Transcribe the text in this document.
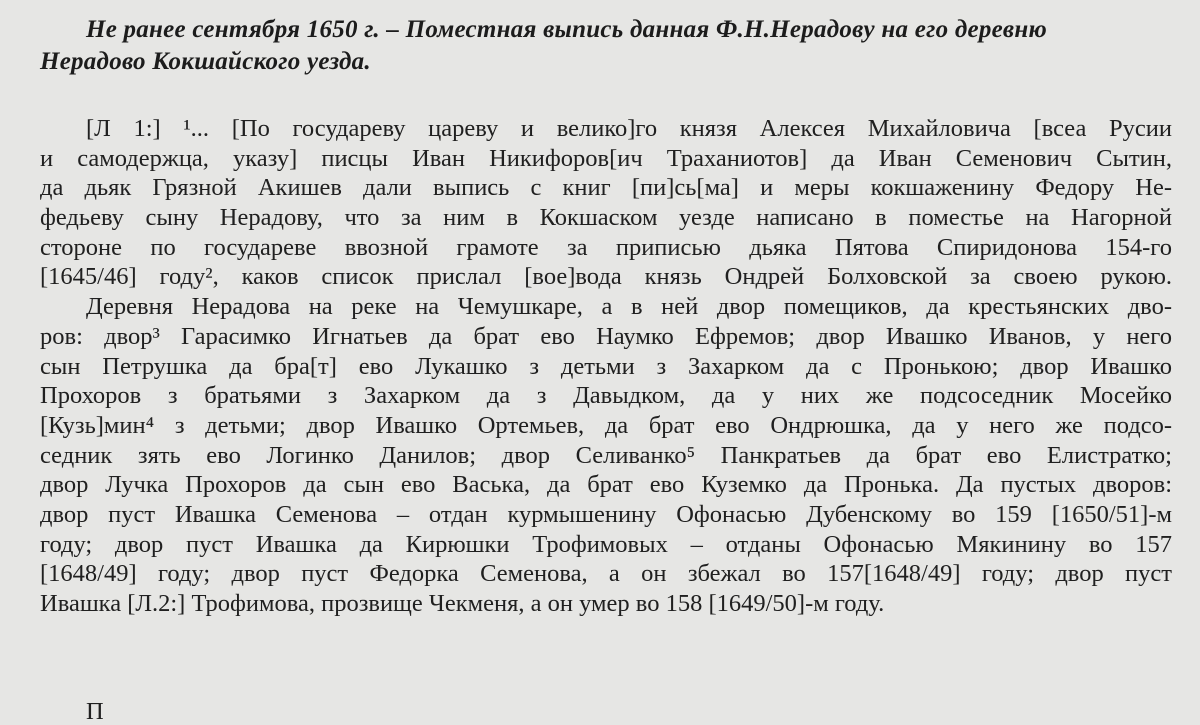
Не ранее сентября 1650 г. – Поместная выпись данная Ф.Н.Нерадову на его деревню
Нерадово Кокшайского уезда.
[Л 1:] ¹... [По государеву цареву и велико]го князя Алексея Михайловича [всеа Русии
и самодержца, указу] писцы Иван Никифоров[ич Траханиотов] да Иван Семенович Сытин,
да дьяк Грязной Акишев дали выпись с книг [пи]сь[ма] и меры кокшаженину Федору Не-
федьеву сыну Нерадову, что за ним в Кокшаском уезде написано в поместье на Нагорной
стороне по государеве ввозной грамоте за приписью дьяка Пятова Спиридонова 154-го
[1645/46] году², каков список прислал [вое]вода князь Ондрей Болховской за своею рукою.
Деревня Нерадова на реке на Чемушкаре, а в ней двор помещиков, да крестьянских дво-
ров: двор³ Гарасимко Игнатьев да брат ево Наумко Ефремов; двор Ивашко Иванов, у него
сын Петрушка да бра[т] ево Лукашко з детьми з Захарком да с Пронькою; двор Ивашко
Прохоров з братьями з Захарком да з Давыдком, да у них же подсоседник Мосейко
[Кузь]мин⁴ з детьми; двор Ивашко Ортемьев, да брат ево Ондрюшка, да у него же подсо-
седник зять ево Логинко Данилов; двор Селиванко⁵ Панкратьев да брат ево Елистратко;
двор Лучка Прохоров да сын ево Васька, да брат ево Куземко да Пронька. Да пустых дворов:
двор пуст Ивашка Семенова – отдан курмышенину Офонасью Дубенскому во 159 [1650/51]-м
году; двор пуст Ивашка да Кирюшки Трофимовых – отданы Офонасью Мякинину во 157
[1648/49] году; двор пуст Федорка Семенова, а он збежал во 157[1648/49] году; двор пуст
Ивашка [Л.2:] Трофимова, прозвище Чекменя, а он умер во 158 [1649/50]-м году.
П
